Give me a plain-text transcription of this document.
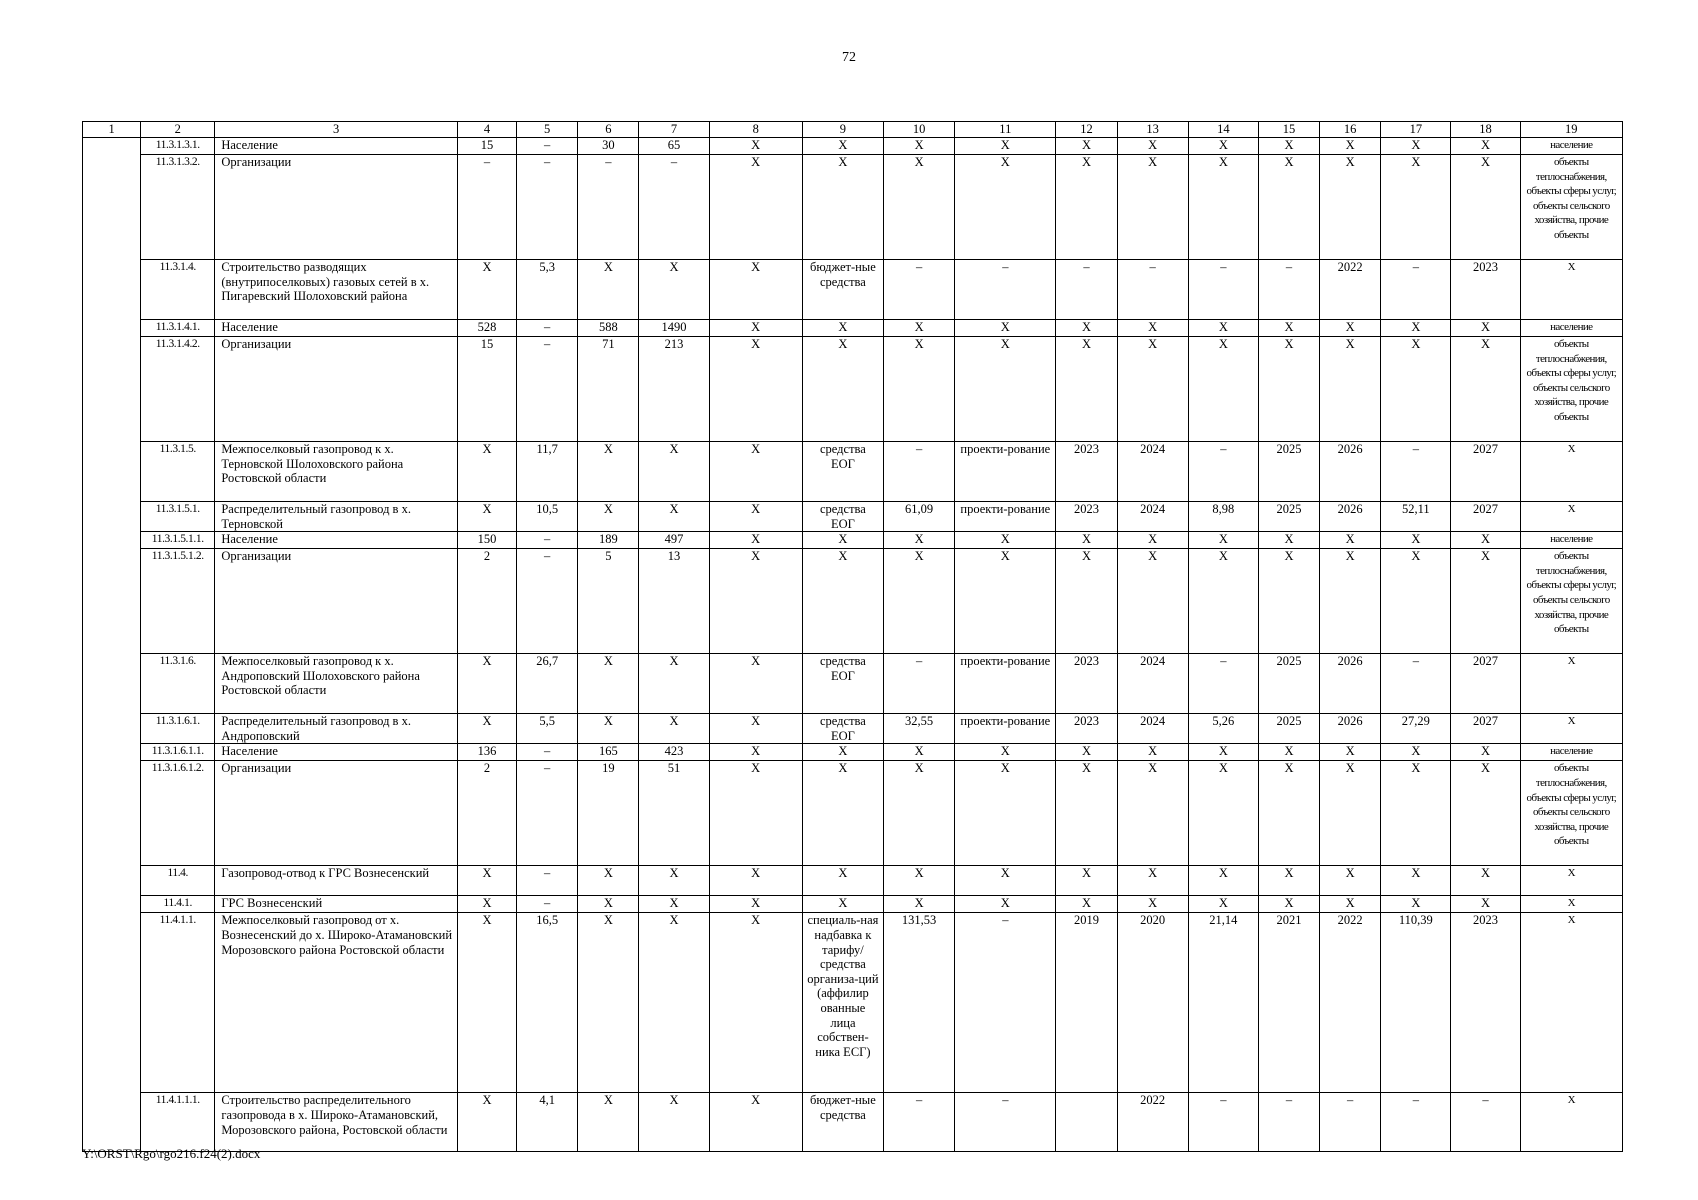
72
1	2	3	4	5	6	7	8	9	10	11	12	13	14	15	16	17	18	19
	11.3.1.3.1.	Население	15	–	30	65	Х	Х	Х	Х	Х	Х	Х	Х	Х	Х	Х	население
	11.3.1.3.2.	Организации	–	–	–	–	Х	Х	Х	Х	Х	Х	Х	Х	Х	Х	Х	объекты теплоснабжения, объекты сферы услуг, объекты сельского хозяйства, прочие объекты
	11.3.1.4.	Строительство разводящих (внутрипоселковых) газовых сетей в х. Пигаревский Шолоховский района	Х	5,3	Х	Х	Х	бюджет-ные средства	–	–	–	–	–	–	2022	–	2023	Х
	11.3.1.4.1.	Население	528	–	588	1490	Х	Х	Х	Х	Х	Х	Х	Х	Х	Х	Х	население
	11.3.1.4.2.	Организации	15	–	71	213	Х	Х	Х	Х	Х	Х	Х	Х	Х	Х	Х	объекты теплоснабжения, объекты сферы услуг, объекты сельского хозяйства, прочие объекты
	11.3.1.5.	Межпоселковый газопровод к х. Терновской Шолоховского района Ростовской области	Х	11,7	Х	Х	Х	средства ЕОГ	–	проекти-рование	2023	2024	–	2025	2026	–	2027	Х
	11.3.1.5.1.	Распределительный газопровод в х. Терновской	Х	10,5	Х	Х	Х	средства ЕОГ	61,09	проекти-рование	2023	2024	8,98	2025	2026	52,11	2027	Х
	11.3.1.5.1.1.	Население	150	–	189	497	Х	Х	Х	Х	Х	Х	Х	Х	Х	Х	Х	население
	11.3.1.5.1.2.	Организации	2	–	5	13	Х	Х	Х	Х	Х	Х	Х	Х	Х	Х	Х	объекты теплоснабжения, объекты сферы услуг, объекты сельского хозяйства, прочие объекты
	11.3.1.6.	Межпоселковый газопровод к х. Андроповский Шолоховского района Ростовской области	Х	26,7	Х	Х	Х	средства ЕОГ	–	проекти-рование	2023	2024	–	2025	2026	–	2027	Х
	11.3.1.6.1.	Распределительный газопровод в х. Андроповский	Х	5,5	Х	Х	Х	средства ЕОГ	32,55	проекти-рование	2023	2024	5,26	2025	2026	27,29	2027	Х
	11.3.1.6.1.1.	Население	136	–	165	423	Х	Х	Х	Х	Х	Х	Х	Х	Х	Х	Х	население
	11.3.1.6.1.2.	Организации	2	–	19	51	Х	Х	Х	Х	Х	Х	Х	Х	Х	Х	Х	объекты теплоснабжения, объекты сферы услуг, объекты сельского хозяйства, прочие объекты
	11.4.	Газопровод-отвод к ГРС Вознесенский	Х	–	Х	Х	Х	Х	Х	Х	Х	Х	Х	Х	Х	Х	Х	Х
	11.4.1.	ГРС Вознесенский	Х	–	Х	Х	Х	Х	Х	Х	Х	Х	Х	Х	Х	Х	Х	Х
	11.4.1.1.	Межпоселковый газопровод от х. Вознесенский до х. Широко-Атамановский Морозовского района Ростовской области	Х	16,5	Х	Х	Х	специаль-ная надбавка к тарифу/ средства организа-ций (аффилир ованные лица собствен-ника ЕСГ)	131,53	–	2019	2020	21,14	2021	2022	110,39	2023	Х
	11.4.1.1.1.	Строительство распределительного газопровода в х. Широко-Атамановский, Морозовского района, Ростовской области	Х	4,1	Х	Х	Х	бюджет-ные средства	–	–		2022	–	–	–	–	–	Х
Y:\ORST\Rgo\rgo216.f24(2).docx
